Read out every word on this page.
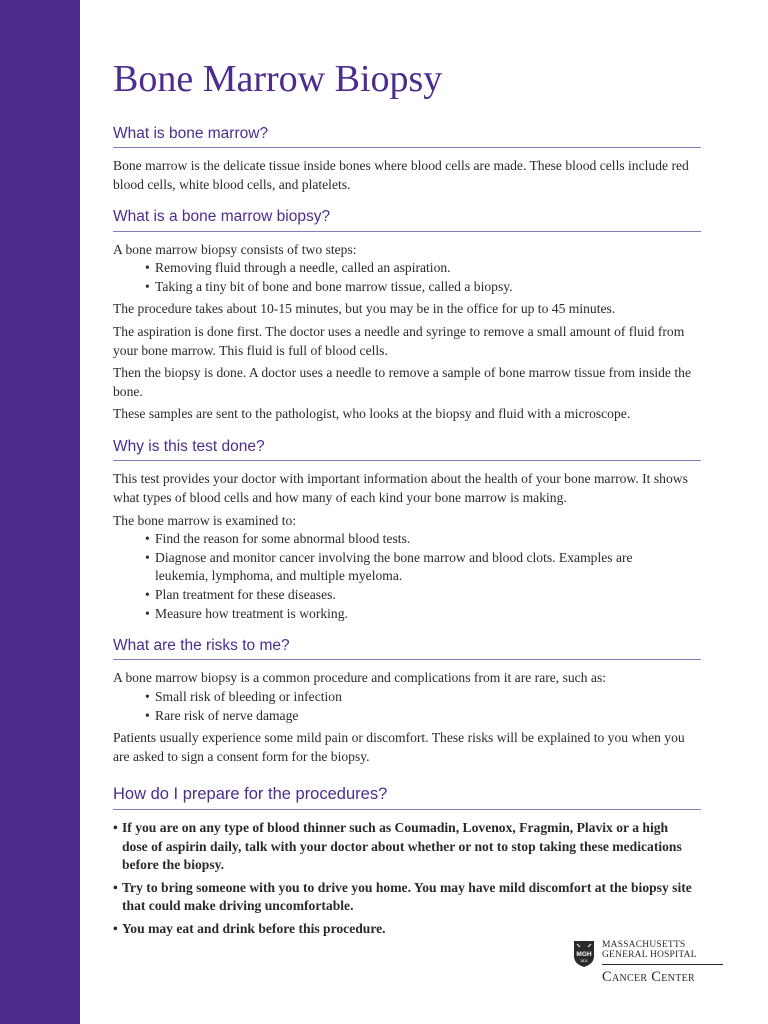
Bone Marrow Biopsy
What is bone marrow?

Bone marrow is the delicate tissue inside bones where blood cells are made. These blood cells include red blood cells, white blood cells, and platelets.

What is a bone marrow biopsy?

A bone marrow biopsy consists of two steps:

• Removing fluid through a needle, called an aspiration.
• Taking a tiny bit of bone and bone marrow tissue, called a biopsy.

The procedure takes about 10-15 minutes, but you may be in the office for up to 45 minutes.

The aspiration is done first. The doctor uses a needle and syringe to remove a small amount of fluid from your bone marrow. This fluid is full of blood cells.

Then the biopsy is done. A doctor uses a needle to remove a sample of bone marrow tissue from inside the bone.

These samples are sent to the pathologist, who looks at the biopsy and fluid with a microscope.

Why is this test done?

This test provides your doctor with important information about the health of your bone marrow. It shows what types of blood cells and how many of each kind your bone marrow is making.

The bone marrow is examined to:

• Find the reason for some abnormal blood tests.
• Diagnose and monitor cancer involving the bone marrow and blood clots. Examples are leukemia, lymphoma, and multiple myeloma.
• Plan treatment for these diseases.
• Measure how treatment is working.
What are the risks to me?

A bone marrow biopsy is a common procedure and complications from it are rare, such as:

• Small risk of bleeding or infection
• Rare risk of nerve damage

Patients usually experience some mild pain or discomfort. These risks will be explained to you when you are asked to sign a consent form for the biopsy.

How do I prepare for the procedures?
• If you are on any type of blood thinner such as Coumadin, Lovenox, Fragmin, Plavix or a high dose of aspirin daily, talk with your doctor about whether or not to stop taking these medications before the biopsy.
• Try to bring someone with you to drive you home. You may have mild discomfort at the biopsy site that could make driving uncomfortable.
• You may eat and drink before this procedure.
MGH
1811
MASSACHUSETTS
GENERAL HOSPITAL
Cancer Center
